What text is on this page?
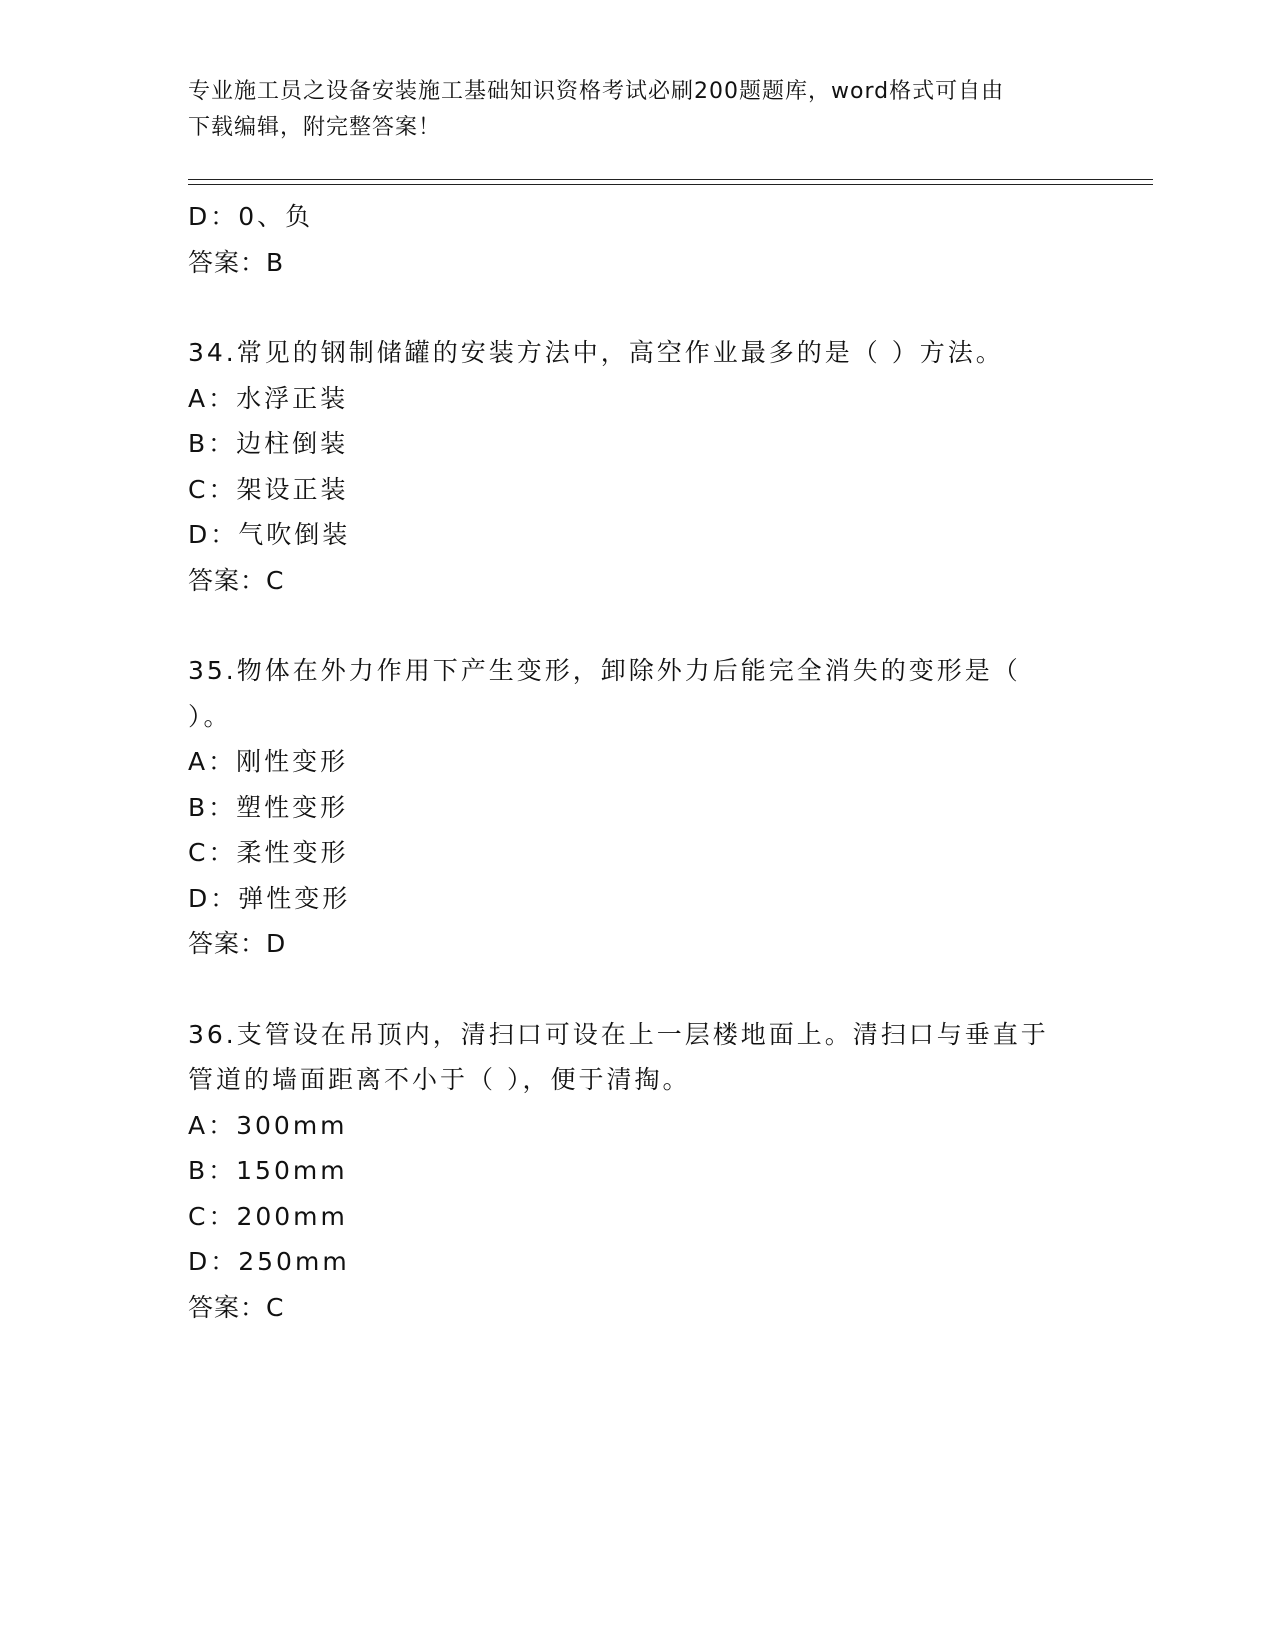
专业施工员之设备安装施工基础知识资格考试必刷200题题库，word格式可自由
下载编辑，附完整答案！
D：0、负
答案：B
34.常见的钢制储罐的安装方法中，高空作业最多的是（ ）方法。
A：水浮正装
B：边柱倒装
C：架设正装
D：气吹倒装
答案：C
35.物体在外力作用下产生变形，卸除外力后能完全消失的变形是（
）。
A：刚性变形
B：塑性变形
C：柔性变形
D：弹性变形
答案：D
36.支管设在吊顶内，清扫口可设在上一层楼地面上。清扫口与垂直于
管道的墙面距离不小于（ ），便于清掏。
A：300mm
B：150mm
C：200mm
D：250mm
答案：C
